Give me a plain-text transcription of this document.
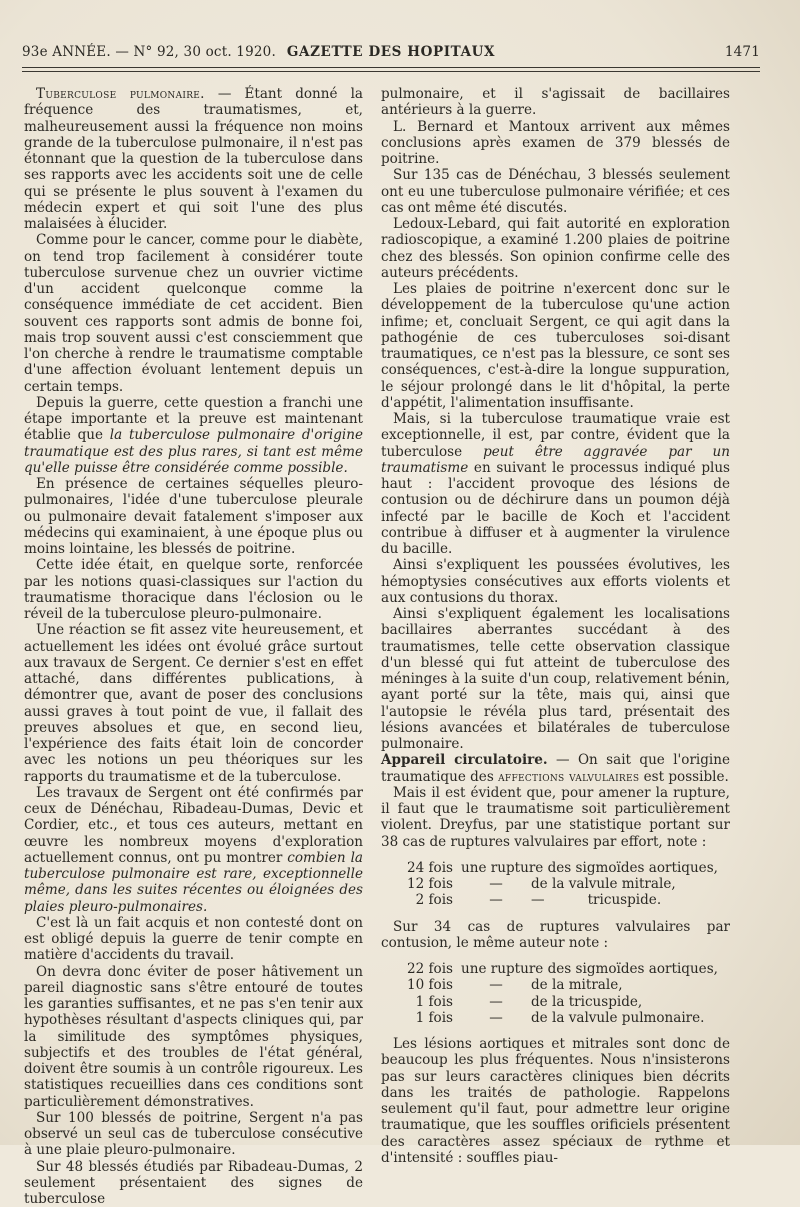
93e ANNÉE. — N° 92, 30 oct. 1920. GAZETTE DES HOPITAUX	1471

Tuberculose pulmonaire. — Étant donné la fréquence des traumatismes, et, malheureusement aussi la fréquence non moins grande de la tuberculose pulmonaire, il n'est pas étonnant que la question de la tuberculose dans ses rapports avec les accidents soit une de celle qui se présente le plus souvent à l'examen du médecin expert et qui soit l'une des plus malaisées à élucider.

Comme pour le cancer, comme pour le diabète, on tend trop facilement à considérer toute tuberculose survenue chez un ouvrier victime d'un accident quelconque comme la conséquence immédiate de cet accident. Bien souvent ces rapports sont admis de bonne foi, mais trop souvent aussi c'est consciemment que l'on cherche à rendre le traumatisme comptable d'une affection évoluant lentement depuis un certain temps.

Depuis la guerre, cette question a franchi une étape importante et la preuve est maintenant établie que la tuberculose pulmonaire d'origine traumatique est des plus rares, si tant est même qu'elle puisse être considérée comme possible.

En présence de certaines séquelles pleuro-pulmonaires, l'idée d'une tuberculose pleurale ou pulmonaire devait fatalement s'imposer aux médecins qui examinaient, à une époque plus ou moins lointaine, les blessés de poitrine.

Cette idée était, en quelque sorte, renforcée par les notions quasi-classiques sur l'action du traumatisme thoracique dans l'éclosion ou le réveil de la tuberculose pleuro-pulmonaire.

Une réaction se fit assez vite heureusement, et actuellement les idées ont évolué grâce surtout aux travaux de Sergent. Ce dernier s'est en effet attaché, dans différentes publications, à démontrer que, avant de poser des conclusions aussi graves à tout point de vue, il fallait des preuves absolues et que, en second lieu, l'expérience des faits était loin de concorder avec les notions un peu théoriques sur les rapports du traumatisme et de la tuberculose.

Les travaux de Sergent ont été confirmés par ceux de Dénéchau, Ribadeau-Dumas, Devic et Cordier, etc., et tous ces auteurs, mettant en œuvre les nombreux moyens d'exploration actuellement connus, ont pu montrer combien la tuberculose pulmonaire est rare, exceptionnelle même, dans les suites récentes ou éloignées des plaies pleuro-pulmonaires.

C'est là un fait acquis et non contesté dont on est obligé depuis la guerre de tenir compte en matière d'accidents du travail.

On devra donc éviter de poser hâtivement un pareil diagnostic sans s'être entouré de toutes les garanties suffisantes, et ne pas s'en tenir aux hypothèses résultant d'aspects cliniques qui, par la similitude des symptômes physiques, subjectifs et des troubles de l'état général, doivent être soumis à un contrôle rigoureux. Les statistiques recueillies dans ces conditions sont particulièrement démonstratives.

Sur 100 blessés de poitrine, Sergent n'a pas observé un seul cas de tuberculose consécutive à une plaie pleuro-pulmonaire.

Sur 48 blessés étudiés par Ribadeau-Dumas, 2 seulement présentaient des signes de tuberculose

pulmonaire, et il s'agissait de bacillaires antérieurs à la guerre.

L. Bernard et Mantoux arrivent aux mêmes conclusions après examen de 379 blessés de poitrine.

Sur 135 cas de Dénéchau, 3 blessés seulement ont eu une tuberculose pulmonaire vérifiée; et ces cas ont même été discutés.

Ledoux-Lebard, qui fait autorité en exploration radioscopique, a examiné 1.200 plaies de poitrine chez des blessés. Son opinion confirme celle des auteurs précédents.

Les plaies de poitrine n'exercent donc sur le développement de la tuberculose qu'une action infime; et, concluait Sergent, ce qui agit dans la pathogénie de ces tuberculoses soi-disant traumatiques, ce n'est pas la blessure, ce sont ses conséquences, c'est-à-dire la longue suppuration, le séjour prolongé dans le lit d'hôpital, la perte d'appétit, l'alimentation insuffisante.

Mais, si la tuberculose traumatique vraie est exceptionnelle, il est, par contre, évident que la tuberculose peut être aggravée par un traumatisme en suivant le processus indiqué plus haut : l'accident provoque des lésions de contusion ou de déchirure dans un poumon déjà infecté par le bacille de Koch et l'accident contribue à diffuser et à augmenter la virulence du bacille.

Ainsi s'expliquent les poussées évolutives, les hémoptysies consécutives aux efforts violents et aux contusions du thorax.

Ainsi s'expliquent également les localisations bacillaires aberrantes succédant à des traumatismes, telle cette observation classique d'un blessé qui fut atteint de tuberculose des méninges à la suite d'un coup, relativement bénin, ayant porté sur la tête, mais qui, ainsi que l'autopsie le révéla plus tard, présentait des lésions avancées et bilatérales de tuberculose pulmonaire.

Appareil circulatoire. — On sait que l'origine traumatique des affections valvulaires est possible.

Mais il est évident que, pour amener la rupture, il faut que le traumatisme soit particulièrement violent. Dreyfus, par une statistique portant sur 38 cas de ruptures valvulaires par effort, note :

24 fois une rupture des sigmoïdes aortiques,
12 fois	—	de la valvule mitrale,
2 fois	—	—          tricuspide.

Sur 34 cas de ruptures valvulaires par contusion, le même auteur note :

22 fois une rupture des sigmoïdes aortiques,
10 fois	—	de la mitrale,
1 fois	—	de la tricuspide,
1 fois	—	de la valvule pulmonaire.

Les lésions aortiques et mitrales sont donc de beaucoup les plus fréquentes. Nous n'insisterons pas sur leurs caractères cliniques bien décrits dans les traités de pathologie. Rappelons seulement qu'il faut, pour admettre leur origine traumatique, que les souffles orificiels présentent des caractères assez spéciaux de rythme et d'intensité : souffles piau-
